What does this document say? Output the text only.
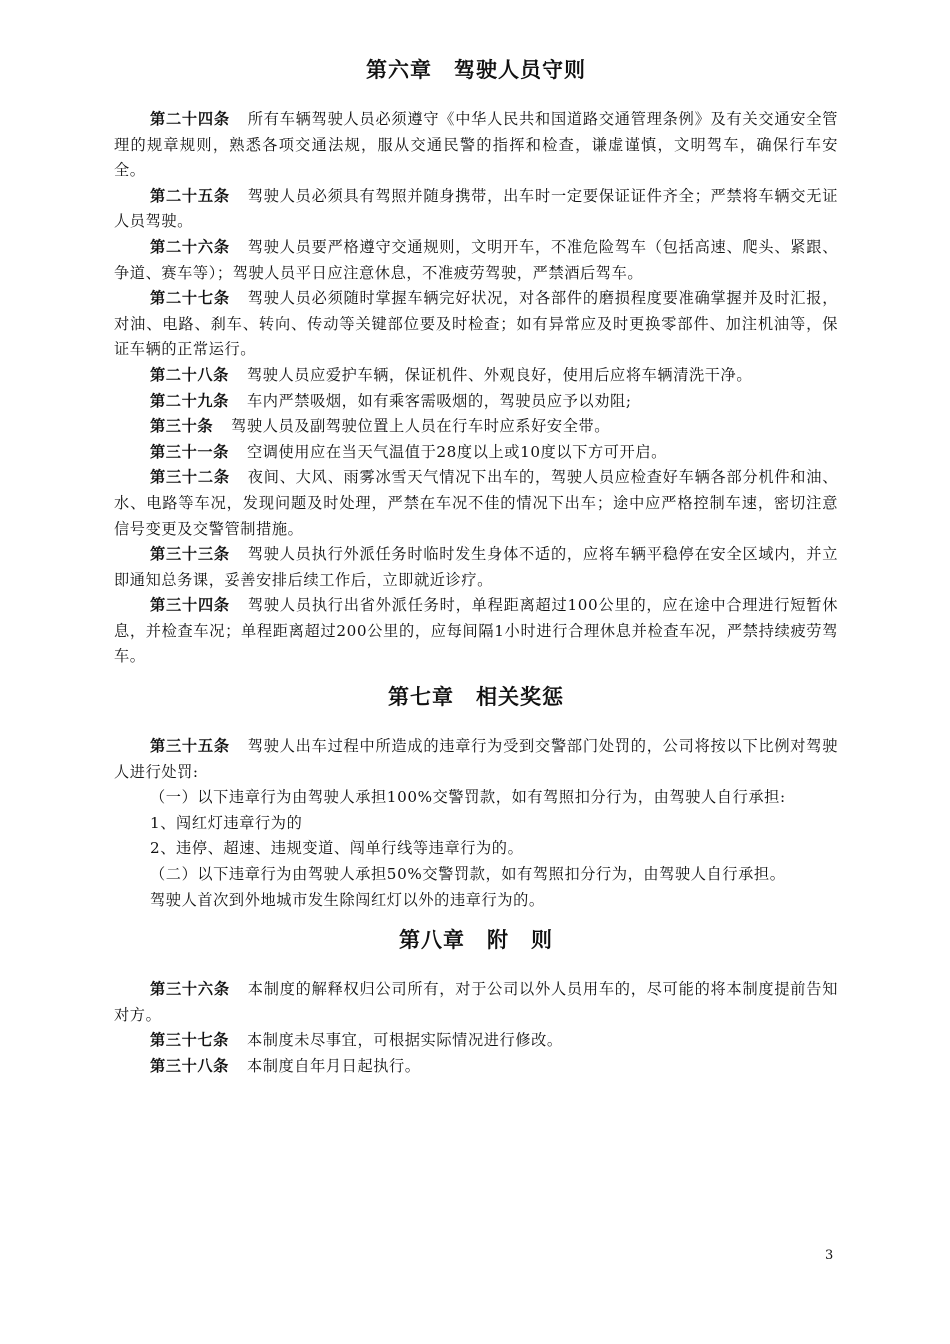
第六章　驾驶人员守则

第二十四条 所有车辆驾驶人员必须遵守《中华人民共和国道路交通管理条例》及有关交通安全管理的规章规则，熟悉各项交通法规，服从交通民警的指挥和检查，谦虚谨慎，文明驾车，确保行车安全。

第二十五条 驾驶人员必须具有驾照并随身携带，出车时一定要保证证件齐全；严禁将车辆交无证人员驾驶。

第二十六条 驾驶人员要严格遵守交通规则，文明开车，不准危险驾车（包括高速、爬头、紧跟、争道、赛车等）；驾驶人员平日应注意休息，不准疲劳驾驶，严禁酒后驾车。

第二十七条 驾驶人员必须随时掌握车辆完好状况，对各部件的磨损程度要准确掌握并及时汇报，对油、电路、刹车、转向、传动等关键部位要及时检查；如有异常应及时更换零部件、加注机油等，保证车辆的正常运行。

第二十八条 驾驶人员应爱护车辆，保证机件、外观良好，使用后应将车辆清洗干净。

第二十九条 车内严禁吸烟，如有乘客需吸烟的，驾驶员应予以劝阻;

第三十条 驾驶人员及副驾驶位置上人员在行车时应系好安全带。

第三十一条 空调使用应在当天气温值于28度以上或10度以下方可开启。

第三十二条 夜间、大风、雨雾冰雪天气情况下出车的，驾驶人员应检查好车辆各部分机件和油、水、电路等车况，发现问题及时处理，严禁在车况不佳的情况下出车；途中应严格控制车速，密切注意信号变更及交警管制措施。

第三十三条 驾驶人员执行外派任务时临时发生身体不适的，应将车辆平稳停在安全区域内，并立即通知总务课，妥善安排后续工作后，立即就近诊疗。

第三十四条 驾驶人员执行出省外派任务时，单程距离超过100公里的，应在途中合理进行短暂休息，并检查车况；单程距离超过200公里的，应每间隔1小时进行合理休息并检查车况，严禁持续疲劳驾车。

第七章　相关奖惩

第三十五条 驾驶人出车过程中所造成的违章行为受到交警部门处罚的，公司将按以下比例对驾驶人进行处罚:

（一）以下违章行为由驾驶人承担100%交警罚款，如有驾照扣分行为，由驾驶人自行承担:

1、闯红灯违章行为的

2、违停、超速、违规变道、闯单行线等违章行为的。

（二）以下违章行为由驾驶人承担50%交警罚款，如有驾照扣分行为，由驾驶人自行承担。

驾驶人首次到外地城市发生除闯红灯以外的违章行为的。

第八章　附　则

第三十六条 本制度的解释权归公司所有，对于公司以外人员用车的，尽可能的将本制度提前告知对方。

第三十七条 本制度未尽事宜，可根据实际情况进行修改。

第三十八条 本制度自年月日起执行。

3
